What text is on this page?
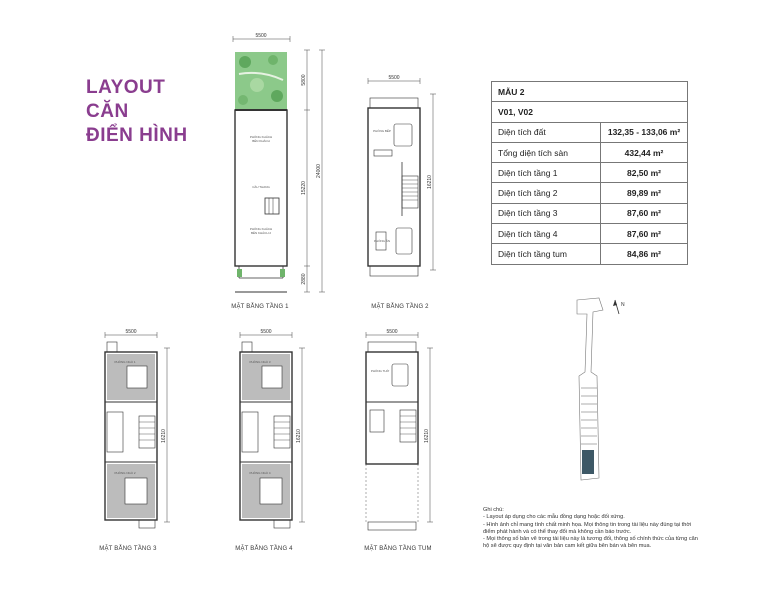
LAYOUT
CĂN
ĐIỂN HÌNH
5500
5800
15220
24000
2880
PHÒNG KHÁCH
BÊN KHÁCH
CẦU THANG
PHÒNG KHÁCH
BÊN KHÁCH 2
MẶT BẰNG TẦNG 1
5500
16210
PHÒNG BẾP
PHÒNG ĂN
MẶT BẰNG TẦNG 2
5500
16210
PHÒNG NGỦ 1
PHÒNG NGỦ 2
MẶT BẰNG TẦNG 3
5500
16210
PHÒNG NGỦ 3
PHÒNG NGỦ 4
MẶT BẰNG TẦNG 4
5500
16210
PHÒNG THỜ
MẶT BẰNG TẦNG TUM
MẪU 2	
V01, V02	
Diện tích đất	132,35 - 133,06 m²
Tổng diện tích sàn	432,44 m²
Diện tích tầng 1	82,50 m²
Diện tích tầng 2	89,89 m²
Diện tích tầng 3	87,60 m²
Diện tích tầng 4	87,60 m²
Diện tích tầng tum	84,86 m²
N
Ghi chú:
- Layout áp dụng cho các mẫu đồng dạng hoặc đối xứng.
- Hình ảnh chỉ mang tính chất minh họa. Mọi thông tin trong tài liệu này đúng tại thời điểm phát hành và có thể thay đổi mà không cần báo trước.
- Mọi thông số bản vẽ trong tài liệu này là tương đối, thông số chính thức của từng căn hộ sẽ được quy định tại văn bản cam kết giữa bên bán và bên mua.
